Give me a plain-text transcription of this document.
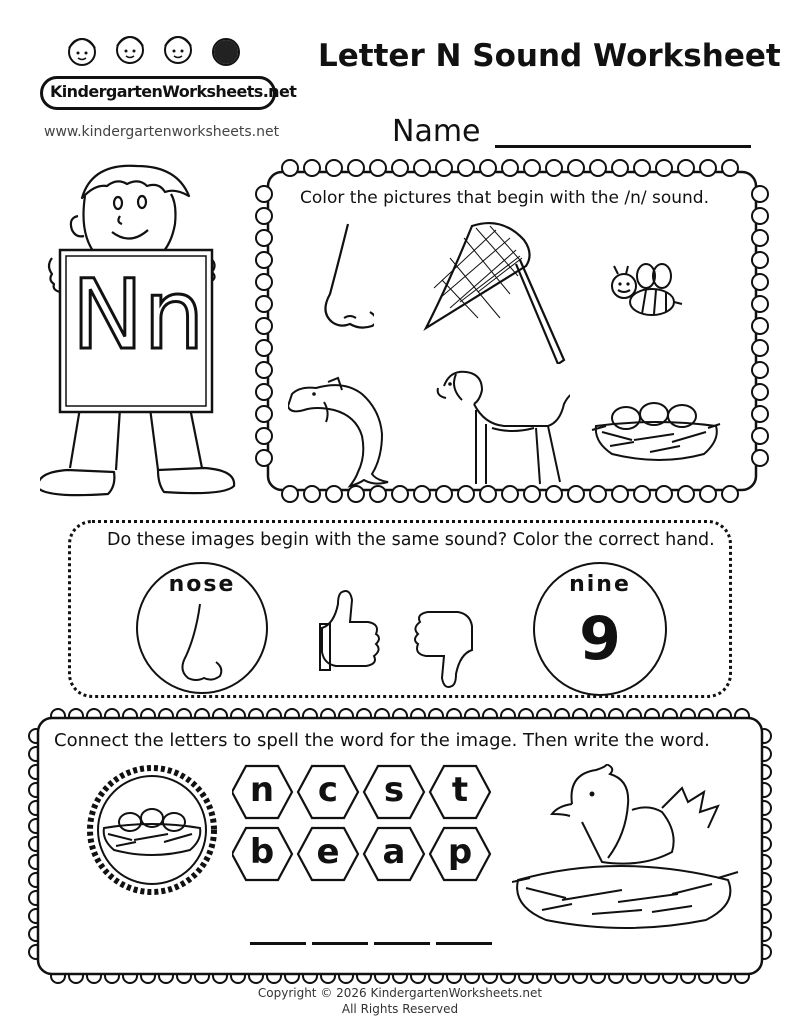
KindergartenWorksheets.net
Letter N Sound Worksheet
www.kindergartenworksheets.net	Name
Nn
Color the pictures that begin with the /n/ sound.
Do these images begin with the same sound? Color the correct hand.
nose	nine
9
Connect the letters to spell the word for the image. Then write the word.
n	c	s	t
b	e	a	p
Copyright © 2026 KindergartenWorksheets.net
All Rights Reserved
